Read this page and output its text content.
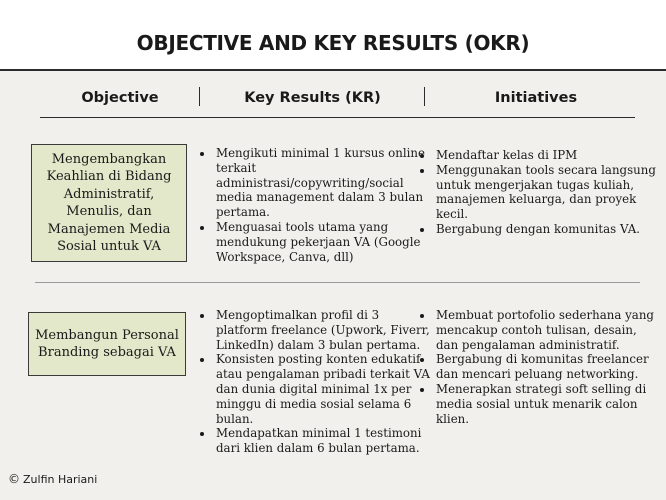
OBJECTIVE AND KEY RESULTS (OKR)
Objective	Key Results (KR)	Initiatives
Mengembangkan Keahlian di Bidang Administratif, Menulis, dan Manajemen Media Sosial untuk VA
• Mengikuti minimal 1 kursus online terkait administrasi/copywriting/social media management dalam 3 bulan pertama.
• Menguasai tools utama yang mendukung pekerjaan VA (Google Workspace, Canva, dll)
• Mendaftar kelas di IPM
• Menggunakan tools secara langsung untuk mengerjakan tugas kuliah, manajemen keluarga, dan proyek kecil.
• Bergabung dengan komunitas VA.
Membangun Personal Branding sebagai VA
• Mengoptimalkan profil di 3 platform freelance (Upwork, Fiverr, LinkedIn) dalam 3 bulan pertama.
• Konsisten posting konten edukatif atau pengalaman pribadi terkait VA dan dunia digital minimal 1x per minggu di media sosial selama 6 bulan.
• Mendapatkan minimal 1 testimoni dari klien dalam 6 bulan pertama.
• Membuat portofolio sederhana yang mencakup contoh tulisan, desain, dan pengalaman administratif.
• Bergabung di komunitas freelancer dan mencari peluang networking.
• Menerapkan strategi soft selling di media sosial untuk menarik calon klien.
© Zulfin Hariani
